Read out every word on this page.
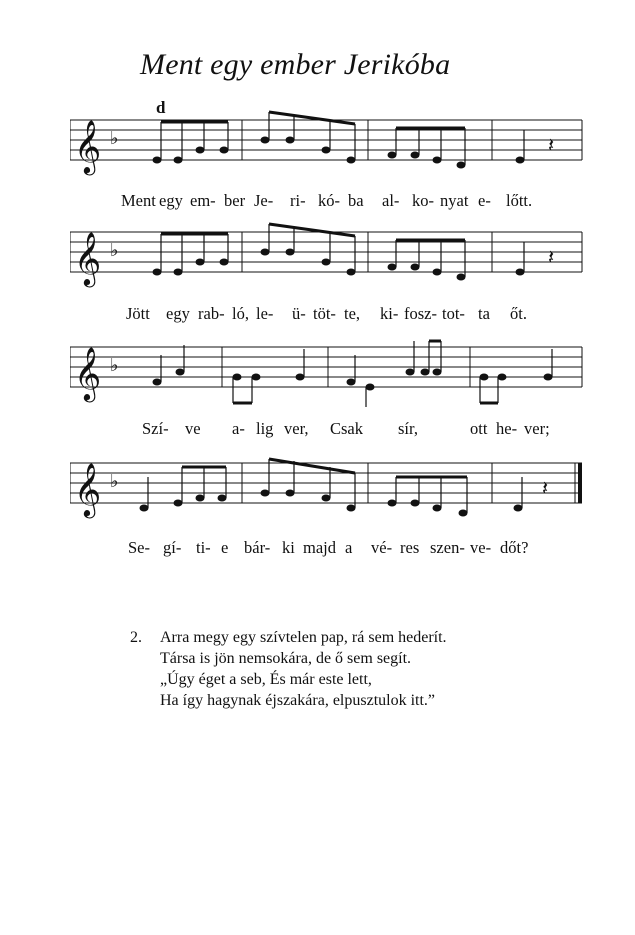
Ment egy ember Jerikóba
d
𝄞 ♭	𝄽
Ment egy em- ber Je- ri- kó- ba al- ko- nyat e- lőtt.
𝄞 ♭	𝄽
Jött egy rab- ló, le- ü- töt- te, ki- fosz- tot- ta őt.
𝄞 ♭
Szí- ve a- lig ver, Csak sír,	ott he- ver;
𝄞 ♭	𝄽
Se- gí- ti- e bár- ki majd a vé- res szen- ve- dőt?
2. Arra megy egy szívtelen pap, rá sem hederít.
Társa is jön nemsokára, de ő sem segít.
„Úgy éget a seb, És már este lett,
Ha így hagynak éjszakára, elpusztulok itt.”
